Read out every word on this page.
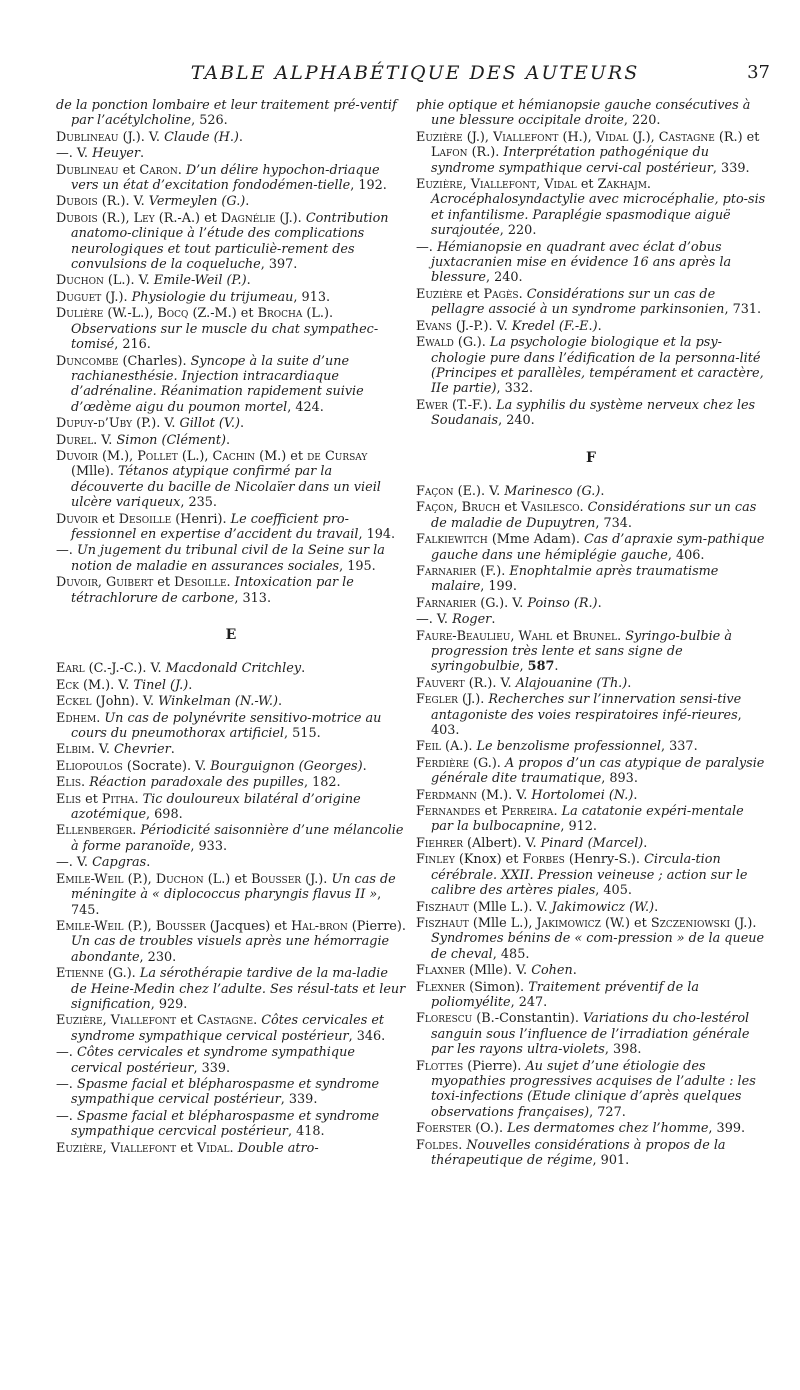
TABLE ALPHABÉTIQUE DES AUTEURS	37

de la ponction lombaire et leur traitement pré-ventif par l’acétylcholine, 526.

Dublineau (J.). V. Claude (H.).

—. V. Heuyer.

Dublineau et Caron. D’un délire hypochon-driaque vers un état d’excitation fondodémen-tielle, 192.

Dubois (R.). V. Vermeylen (G.).

Dubois (R.), Ley (R.-A.) et Dagnélie (J.). Contribution anatomo-clinique à l’étude des complications neurologiques et tout particuliè-rement des convulsions de la coqueluche, 397.

Duchon (L.). V. Emile-Weil (P.).

Duguet (J.). Physiologie du trijumeau, 913.

Dulière (W.-L.), Bocq (Z.-M.) et Brocha (L.). Observations sur le muscle du chat sympathec-tomisé, 216.

Duncombe (Charles). Syncope à la suite d’une rachianesthésie. Injection intracardiaque d’adrénaline. Réanimation rapidement suivie d’œdème aigu du poumon mortel, 424.

Dupuy-d’Uby (P.). V. Gillot (V.).

Durel. V. Simon (Clément).

Duvoir (M.), Pollet (L.), Cachin (M.) et de Cursay (Mlle). Tétanos atypique confirmé par la découverte du bacille de Nicolaïer dans un vieil ulcère variqueux, 235.

Duvoir et Desoille (Henri). Le coefficient pro-fessionnel en expertise d’accident du travail, 194.

—. Un jugement du tribunal civil de la Seine sur la notion de maladie en assurances sociales, 195.

Duvoir, Guibert et Desoille. Intoxication par le tétrachlorure de carbone, 313.

E

Earl (C.-J.-C.). V. Macdonald Critchley.

Eck (M.). V. Tinel (J.).

Eckel (John). V. Winkelman (N.-W.).

Edhem. Un cas de polynévrite sensitivo-motrice au cours du pneumothorax artificiel, 515.

Elbim. V. Chevrier.

Eliopoulos (Socrate). V. Bourguignon (Georges).

Elis. Réaction paradoxale des pupilles, 182.

Elis et Pitha. Tic douloureux bilatéral d’origine azotémique, 698.

Ellenberger. Périodicité saisonnière d’une mélancolie à forme paranoïde, 933.

—. V. Capgras.

Emile-Weil (P.), Duchon (L.) et Bousser (J.). Un cas de méningite à « diplococcus pharyngis flavus II », 745.

Emile-Weil (P.), Bousser (Jacques) et Hal-bron (Pierre). Un cas de troubles visuels après une hémorragie abondante, 230.

Etienne (G.). La sérothérapie tardive de la ma-ladie de Heine-Medin chez l’adulte. Ses résul-tats et leur signification, 929.

Euzière, Viallefont et Castagne. Côtes cervicales et syndrome sympathique cervical postérieur, 346.

—. Côtes cervicales et syndrome sympathique cervical postérieur, 339.

—. Spasme facial et blépharospasme et syndrome sympathique cervical postérieur, 339.

—. Spasme facial et blépharospasme et syndrome sympathique cercvical postérieur, 418.

Euzière, Viallefont et Vidal. Double atro-

phie optique et hémianopsie gauche consécutives à une blessure occipitale droite, 220.

Euzière (J.), Viallefont (H.), Vidal (J.), Castagne (R.) et Lafon (R.). Interprétation pathogénique du syndrome sympathique cervi-cal postérieur, 339.

Euzière, Viallefont, Vidal et Zakhajm. Acrocéphalosyndactylie avec microcéphalie, pto-sis et infantilisme. Paraplégie spasmodique aiguë surajoutée, 220.

—. Hémianopsie en quadrant avec éclat d’obus juxtacranien mise en évidence 16 ans après la blessure, 240.

Euzière et Pagès. Considérations sur un cas de pellagre associé à un syndrome parkinsonien, 731.

Evans (J.-P.). V. Kredel (F.-E.).

Ewald (G.). La psychologie biologique et la psy-chologie pure dans l’édification de la personna-lité (Principes et parallèles, tempérament et caractère, IIe partie), 332.

Ewer (T.-F.). La syphilis du système nerveux chez les Soudanais, 240.

F

Façon (E.). V. Marinesco (G.).

Façon, Bruch et Vasilesco. Considérations sur un cas de maladie de Dupuytren, 734.

Falkiewitch (Mme Adam). Cas d’apraxie sym-pathique gauche dans une hémiplégie gauche, 406.

Farnarier (F.). Enophtalmie après traumatisme malaire, 199.

Farnarier (G.). V. Poinso (R.).

—. V. Roger.

Faure-Beaulieu, Wahl et Brunel. Syringo-bulbie à progression très lente et sans signe de syringobulbie, 587.

Fauvert (R.). V. Alajouanine (Th.).

Fegler (J.). Recherches sur l’innervation sensi-tive antagoniste des voies respiratoires infé-rieures, 403.

Feil (A.). Le benzolisme professionnel, 337.

Ferdière (G.). A propos d’un cas atypique de paralysie générale dite traumatique, 893.

Ferdmann (M.). V. Hortolomei (N.).

Fernandes et Perreira. La catatonie expéri-mentale par la bulbocapnine, 912.

Fiehrer (Albert). V. Pinard (Marcel).

Finley (Knox) et Forbes (Henry-S.). Circula-tion cérébrale. XXII. Pression veineuse ; action sur le calibre des artères piales, 405.

Fiszhaut (Mlle L.). V. Jakimowicz (W.).

Fiszhaut (Mlle L.), Jakimowicz (W.) et Szczeniowski (J.). Syndromes bénins de « com-pression » de la queue de cheval, 485.

Flaxner (Mlle). V. Cohen.

Flexner (Simon). Traitement préventif de la poliomyélite, 247.

Florescu (B.-Constantin). Variations du cho-lestérol sanguin sous l’influence de l’irradiation générale par les rayons ultra-violets, 398.

Flottes (Pierre). Au sujet d’une étiologie des myopathies progressives acquises de l’adulte : les toxi-infections (Etude clinique d’après quelques observations françaises), 727.

Foerster (O.). Les dermatomes chez l’homme, 399.

Foldes. Nouvelles considérations à propos de la thérapeutique de régime, 901.
